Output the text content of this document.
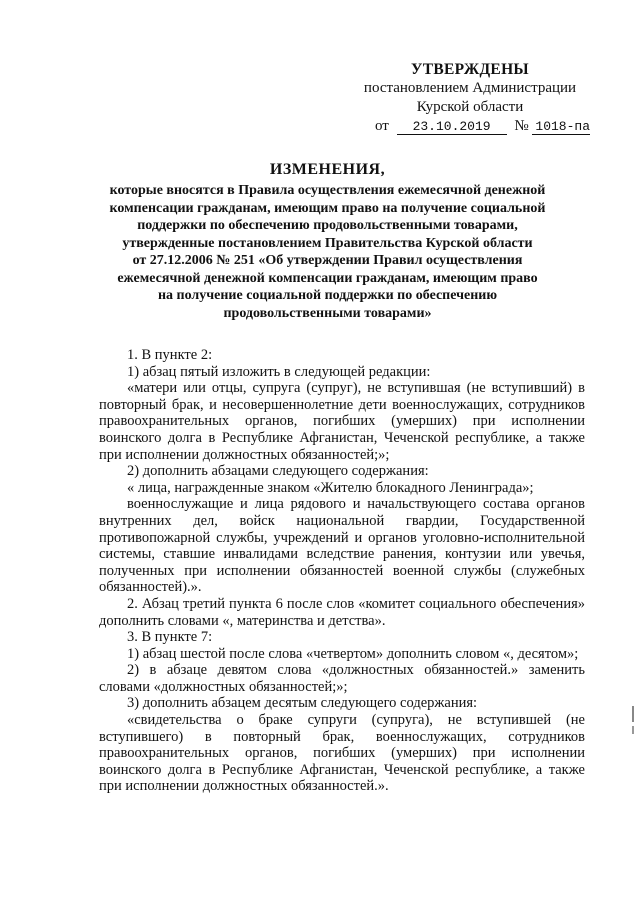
УТВЕРЖДЕНЫ
постановлением Администрации
Курской области
от 23.10.2019 № 1018-па
ИЗМЕНЕНИЯ,
которые вносятся в Правила осуществления ежемесячной денежной
компенсации гражданам, имеющим право на получение социальной
поддержки по обеспечению продовольственными товарами,
утвержденные постановлением Правительства Курской области
от 27.12.2006 № 251 «Об утверждении Правил осуществления
ежемесячной денежной компенсации гражданам, имеющим право
на получение социальной поддержки по обеспечению
продовольственными товарами»

1. В пункте 2:

1) абзац пятый изложить в следующей редакции:

«матери или отцы, супруга (супруг), не вступившая (не вступивший) в повторный брак, и несовершеннолетние дети военнослужащих, сотрудников правоохранительных органов, погибших (умерших) при исполнении воинского долга в Республике Афганистан, Чеченской республике, а также при исполнении должностных обязанностей;»;

2) дополнить абзацами следующего содержания:

« лица, награжденные знаком «Жителю блокадного Ленинграда»;

военнослужащие и лица рядового и начальствующего состава органов внутренних дел, войск национальной гвардии, Государственной противопожарной службы, учреждений и органов уголовно-исполнительной системы, ставшие инвалидами вследствие ранения, контузии или увечья, полученных при исполнении обязанностей военной службы (служебных обязанностей).».

2. Абзац третий пункта 6 после слов «комитет социального обеспечения» дополнить словами «, материнства и детства».

3. В пункте 7:

1) абзац шестой после слова «четвертом» дополнить словом «, десятом»;

2) в абзаце девятом слова «должностных обязанностей.» заменить словами «должностных обязанностей;»;

3) дополнить абзацем десятым следующего содержания:

«свидетельства о браке супруги (супруга), не вступившей (не вступившего) в повторный брак, военнослужащих, сотрудников правоохранительных органов, погибших (умерших) при исполнении воинского долга в Республике Афганистан, Чеченской республике, а также при исполнении должностных обязанностей.».
